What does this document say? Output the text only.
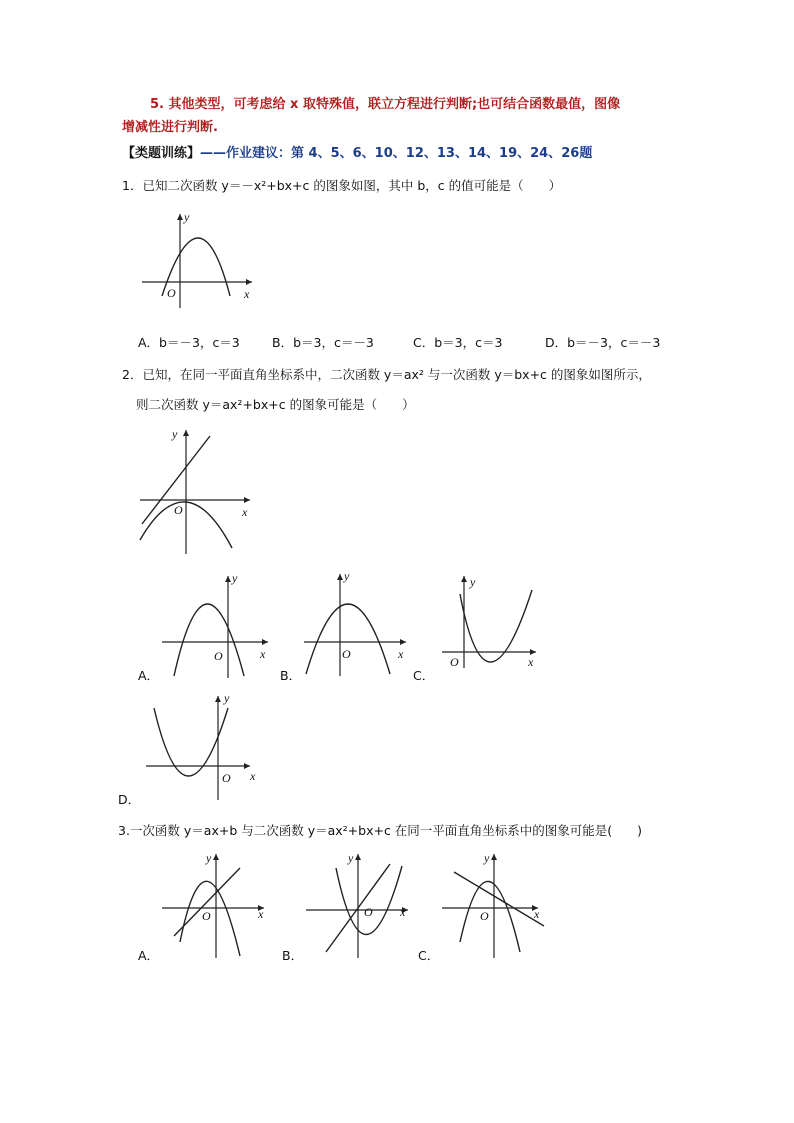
5. 其他类型，可考虑给 x 取特殊值，联立方程进行判断;也可结合函数最值，图像
增减性进行判断.
【类题训练】——作业建议：第 4、5、6、10、12、13、14、19、24、26题
1．已知二次函数 y＝－x²+bx+c 的图象如图，其中 b，c 的值可能是（　　）
y
x
O
A．b＝－3，c＝3	B．b＝3，c＝－3	C．b＝3，c＝3	D．b＝－3，c＝－3
2．已知，在同一平面直角坐标系中，二次函数 y＝ax² 与一次函数 y＝bx+c 的图象如图所示，
则二次函数 y＝ax²+bx+c 的图象可能是（　　）
y
x
O
y
x
O
A．
y
x
O
B．
y
x
O
C．
y
x
O
D．
3.一次函数 y＝ax+b 与二次函数 y＝ax²+bx+c 在同一平面直角坐标系中的图象可能是(　　)
y
x
O
A．
y
x
O
B．
y
x
O
C．
